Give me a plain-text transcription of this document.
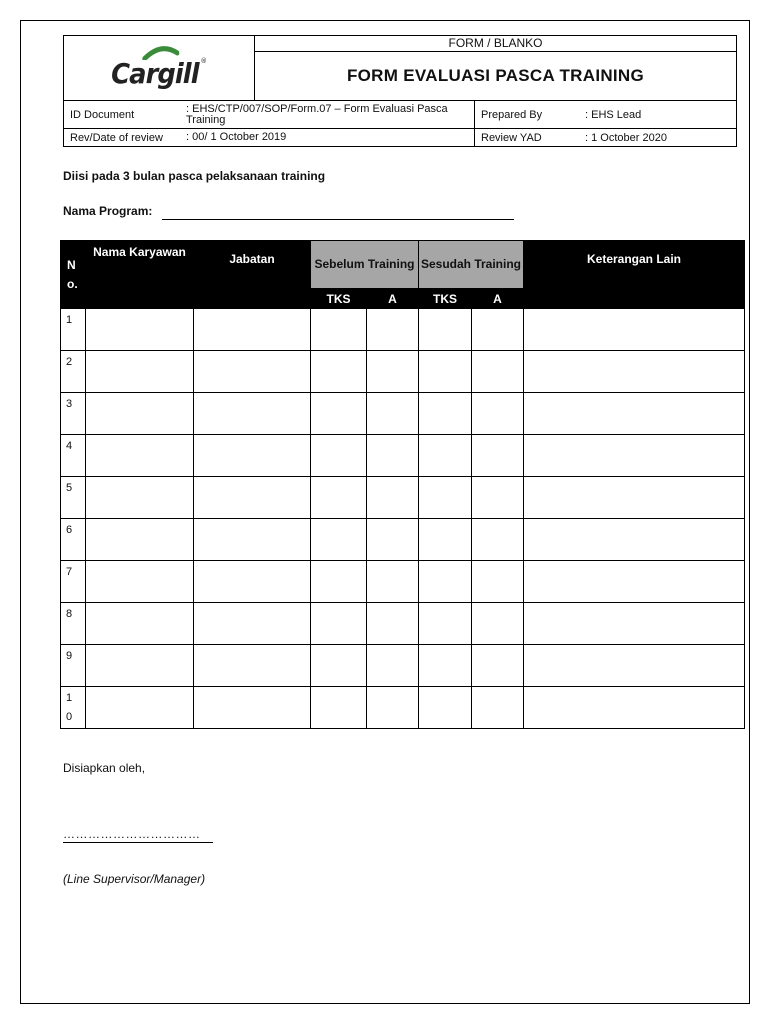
Cargill ®	FORM / BLANKO
FORM EVALUASI PASCA TRAINING
ID Document	: EHS/CTP/007/SOP/Form.07 – Form Evaluasi Pasca Training	Prepared By	: EHS Lead
Rev/Date of review	: 00/ 1 October 2019	Review YAD	: 1 October 2020
Diisi pada 3 bulan pasca pelaksanaan training
Nama Program:
N o.	Nama Karyawan	Jabatan	Sebelum Training		Sesudah Training		Keterangan Lain
			TKS	A	TKS	A	
1							
2							
3							
4							
5							
6							
7							
8							
9							
1 0							
Disiapkan oleh,
……………………………
(Line Supervisor/Manager)
